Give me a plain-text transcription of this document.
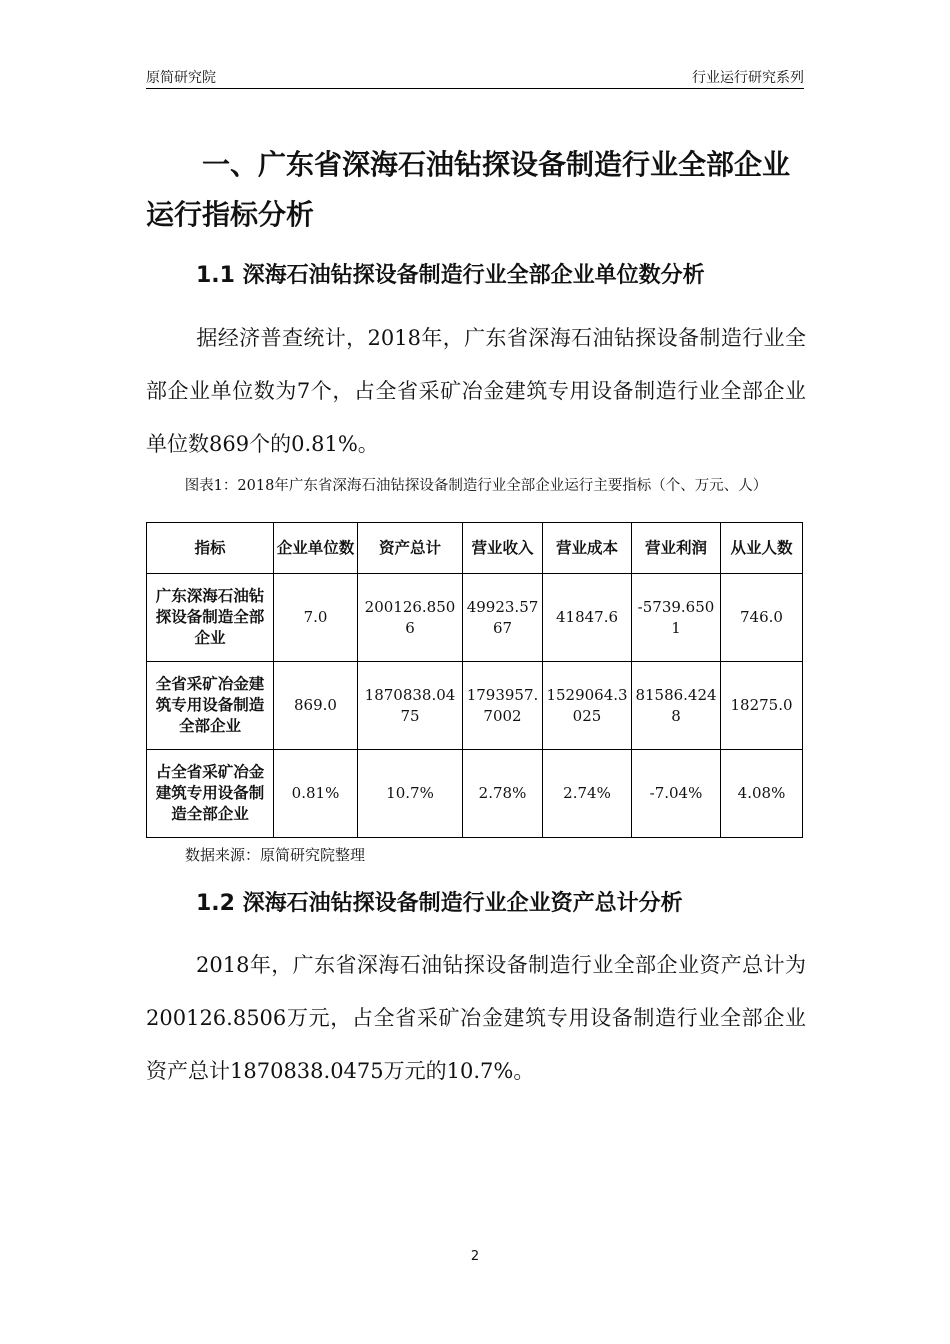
原简研究院	行业运行研究系列
一、广东省深海石油钻探设备制造行业全部企业运行指标分析
1.1 深海石油钻探设备制造行业全部企业单位数分析
据经济普查统计，2018年，广东省深海石油钻探设备制造行业全部企业单位数为7个，占全省采矿冶金建筑专用设备制造行业全部企业单位数869个的0.81%。
图表1：2018年广东省深海石油钻探设备制造行业全部企业运行主要指标（个、万元、人）
指标	企业单位数	资产总计	营业收入	营业成本	营业利润	从业人数
广东深海石油钻探设备制造全部企业	7.0	200126.8506	49923.5767	41847.6	-5739.6501	746.0
全省采矿冶金建筑专用设备制造全部企业	869.0	1870838.0475	1793957.7002	1529064.3025	81586.4248	18275.0
占全省采矿冶金建筑专用设备制造全部企业	0.81%	10.7%	2.78%	2.74%	-7.04%	4.08%
数据来源：原简研究院整理
1.2 深海石油钻探设备制造行业企业资产总计分析
2018年，广东省深海石油钻探设备制造行业全部企业资产总计为200126.8506万元，占全省采矿冶金建筑专用设备制造行业全部企业资产总计1870838.0475万元的10.7%。
2
